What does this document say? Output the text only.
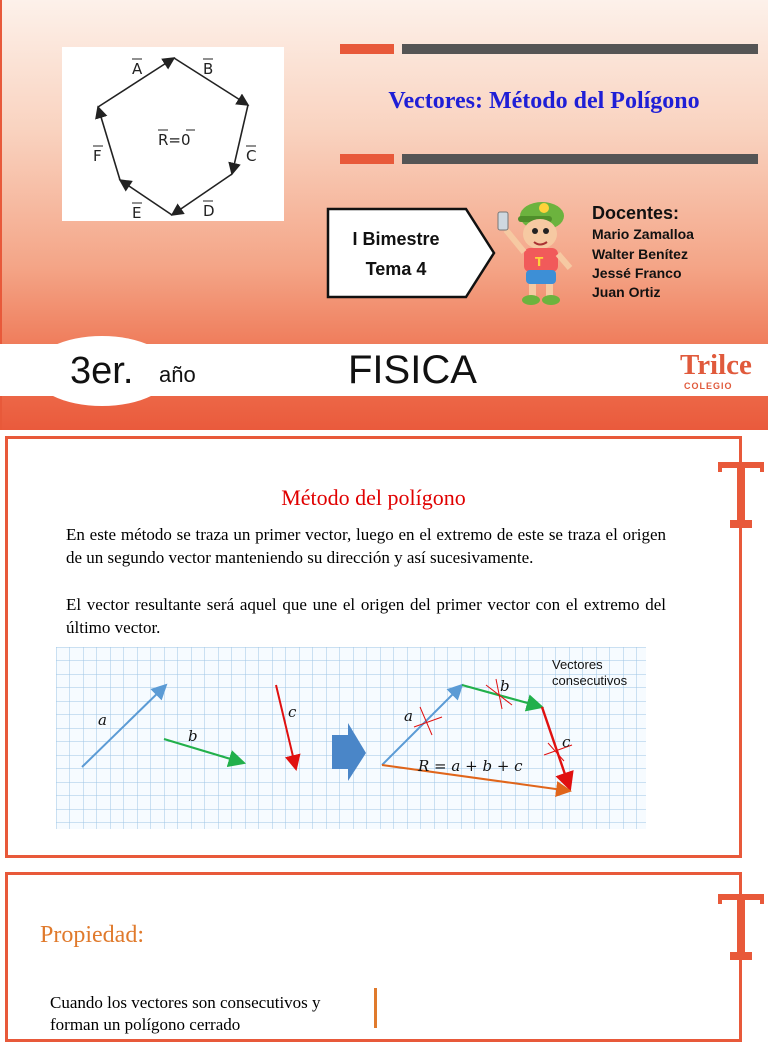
A	B
C
D
E
F
R=0
Vectores: Método del Polígono
I Bimestre
Tema 4	T
Docentes:
Mario Zamalloa
Walter Benítez
Jessé Franco
Juan Ortiz
3er. año	FISICA	Trilce
COLEGIO
Método del polígono

En este método se traza un primer vector, luego en el extremo de este se traza el origen de un segundo vector manteniendo su dirección y así sucesivamente.

El vector resultante será aquel que une el origen del primer vector con el extremo del último vector.

a
b
c	a
b
c
R = a + b + c
Vectores consecutivos
Propiedad:

Cuando los vectores son consecutivos y forman un polígono cerrado
